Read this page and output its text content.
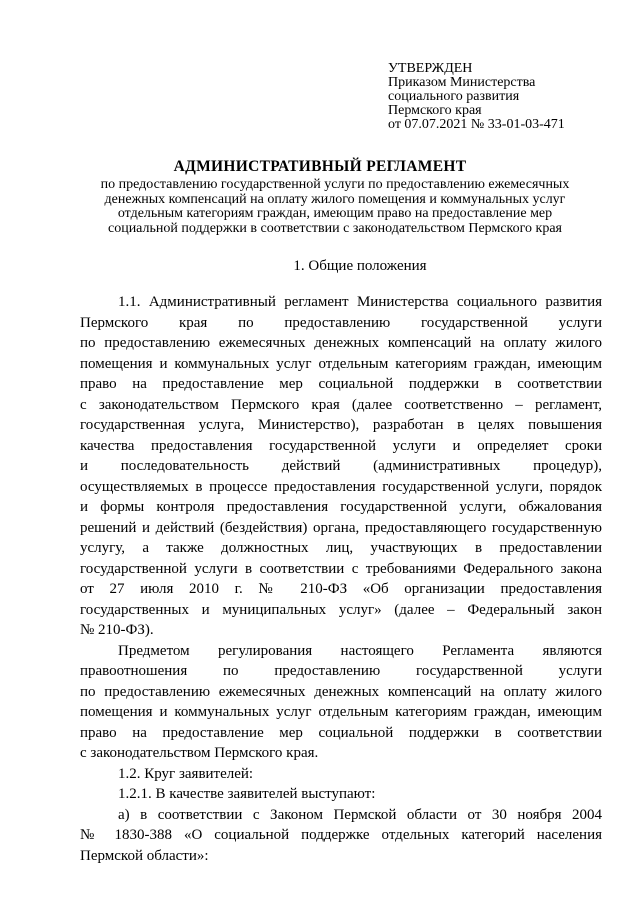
УТВЕРЖДЕН
Приказом Министерства
социального развития
Пермского края
от 07.07.2021 № 33-01-03-471
АДМИНИСТРАТИВНЫЙ РЕГЛАМЕНТ
по предоставлению государственной услуги по предоставлению ежемесячных
денежных компенсаций на оплату жилого помещения и коммунальных услуг
отдельным категориям граждан, имеющим право на предоставление мер
социальной поддержки в соответствии с законодательством Пермского края
1. Общие положения
1.1. Административный регламент Министерства социального развития
Пермского края по предоставлению государственной услуги
по предоставлению ежемесячных денежных компенсаций на оплату жилого
помещения и коммунальных услуг отдельным категориям граждан, имеющим
право на предоставление мер социальной поддержки в соответствии
с законодательством Пермского края (далее соответственно – регламент,
государственная услуга, Министерство), разработан в целях повышения
качества предоставления государственной услуги и определяет сроки
и последовательность действий (административных процедур),
осуществляемых в процессе предоставления государственной услуги, порядок
и формы контроля предоставления государственной услуги, обжалования
решений и действий (бездействия) органа, предоставляющего государственную
услугу, а также должностных лиц, участвующих в предоставлении
государственной услуги в соответствии с требованиями Федерального закона
от 27 июля 2010 г. № 210-ФЗ «Об организации предоставления
государственных и муниципальных услуг» (далее – Федеральный закон
№ 210-ФЗ).
Предметом регулирования настоящего Регламента являются
правоотношения по предоставлению государственной услуги
по предоставлению ежемесячных денежных компенсаций на оплату жилого
помещения и коммунальных услуг отдельным категориям граждан, имеющим
право на предоставление мер социальной поддержки в соответствии
с законодательством Пермского края.
1.2. Круг заявителей:
1.2.1. В качестве заявителей выступают:
а) в соответствии с Законом Пермской области от 30 ноября 2004
№ 1830-388 «О социальной поддержке отдельных категорий населения
Пермской области»:
